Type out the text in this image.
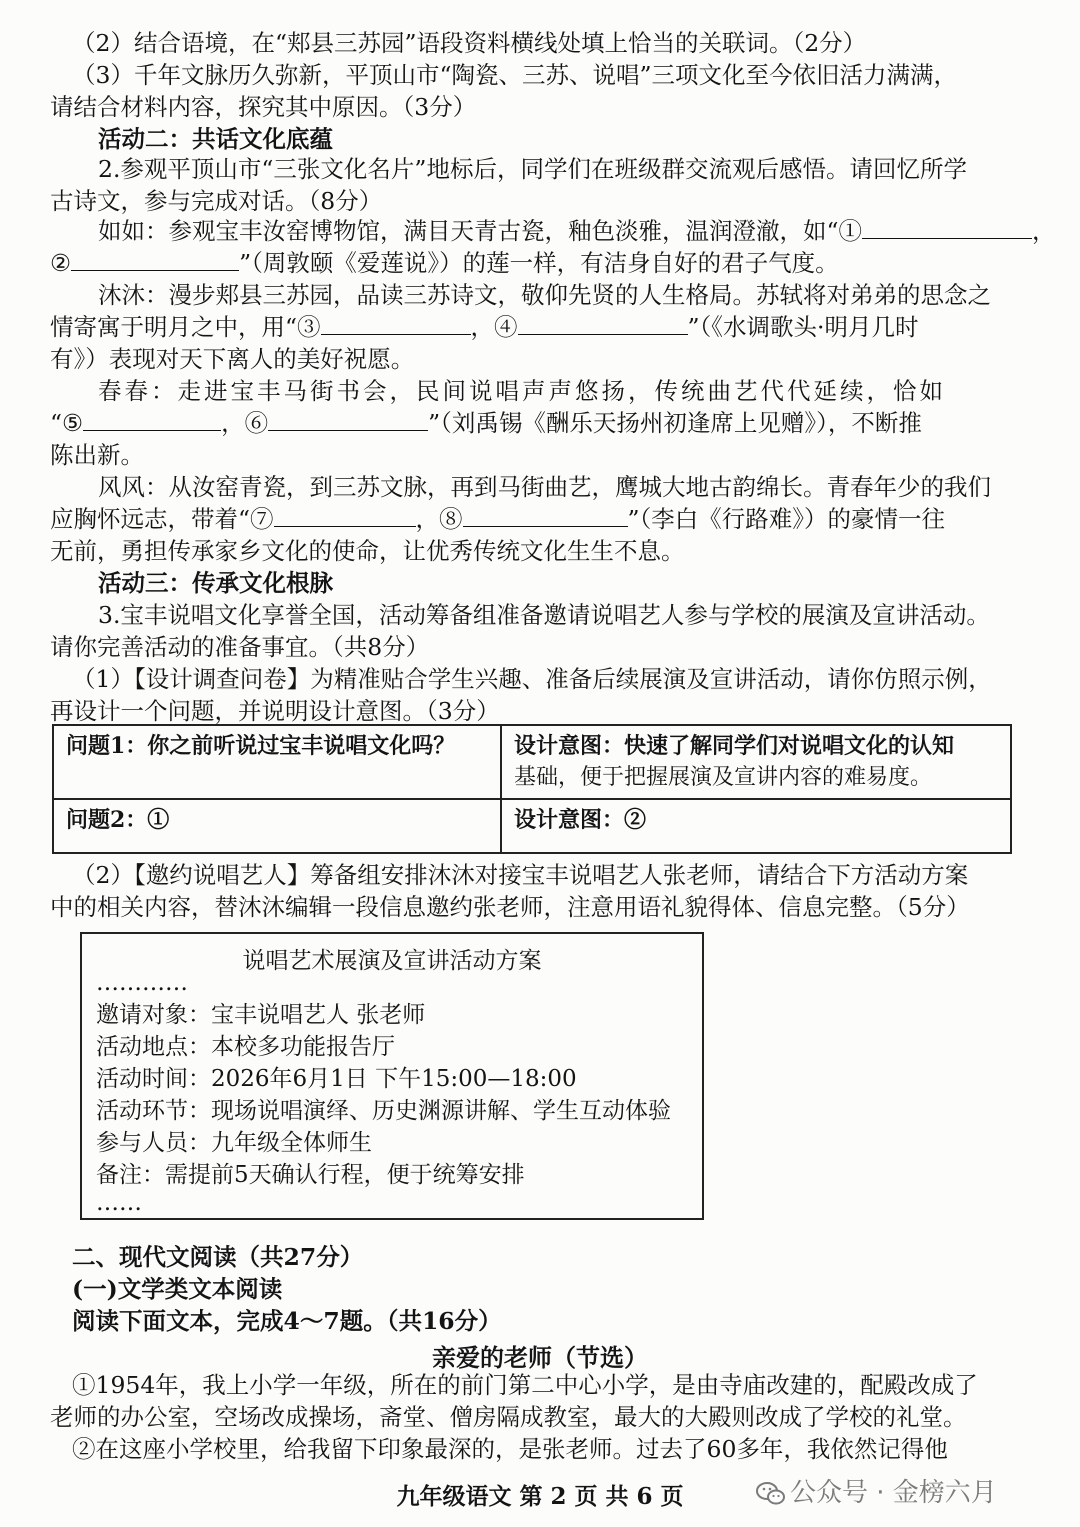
（2）结合语境，在“郏县三苏园”语段资料横线处填上恰当的关联词。（2分）
（3）千年文脉历久弥新，平顶山市“陶瓷、三苏、说唱”三项文化至今依旧活力满满，
请结合材料内容，探究其中原因。（3分）
活动二：共话文化底蕴
2.参观平顶山市“三张文化名片”地标后，同学们在班级群交流观后感悟。请回忆所学
古诗文，参与完成对话。（8分）
如如：参观宝丰汝窑博物馆，满目天青古瓷，釉色淡雅，温润澄澈，如“①	，
②	”（周敦颐《爱莲说》）的莲一样，有洁身自好的君子气度。
沐沐：漫步郏县三苏园，品读三苏诗文，敬仰先贤的人生格局。苏轼将对弟弟的思念之
情寄寓于明月之中，用“③	，④	”（《水调歌头·明月几时
有》）表现对天下离人的美好祝愿。
春春：走进宝丰马街书会，民间说唱声声悠扬，传统曲艺代代延续，恰如
“⑤	，⑥	”（刘禹锡《酬乐天扬州初逢席上见赠》），不断推
陈出新。
风风：从汝窑青瓷，到三苏文脉，再到马街曲艺，鹰城大地古韵绵长。青春年少的我们
应胸怀远志，带着“⑦	，⑧	”（李白《行路难》）的豪情一往
无前，勇担传承家乡文化的使命，让优秀传统文化生生不息。
活动三：传承文化根脉
3.宝丰说唱文化享誉全国，活动筹备组准备邀请说唱艺人参与学校的展演及宣讲活动。
请你完善活动的准备事宜。（共8分）
（1）【设计调查问卷】为精准贴合学生兴趣、准备后续展演及宣讲活动，请你仿照示例，
再设计一个问题，并说明设计意图。（3分）
问题1：你之前听说过宝丰说唱文化吗？	设计意图：快速了解同学们对说唱文化的认知
基础，便于把握展演及宣讲内容的难易度。

问题2：①	设计意图：②
（2）【邀约说唱艺人】筹备组安排沐沐对接宝丰说唱艺人张老师，请结合下方活动方案
中的相关内容，替沐沐编辑一段信息邀约张老师，注意用语礼貌得体、信息完整。（5分）
说唱艺术展演及宣讲活动方案
…………
邀请对象：宝丰说唱艺人 张老师
活动地点：本校多功能报告厅
活动时间：2026年6月1日 下午15:00—18:00
活动环节：现场说唱演绎、历史渊源讲解、学生互动体验
参与人员：九年级全体师生
备注：需提前5天确认行程，便于统筹安排
……
二、现代文阅读（共27分）
(一)文学类文本阅读
阅读下面文本，完成4～7题。（共16分）
亲爱的老师（节选）
①1954年，我上小学一年级，所在的前门第二中心小学，是由寺庙改建的，配殿改成了
老师的办公室，空场改成操场，斋堂、僧房隔成教室，最大的大殿则改成了学校的礼堂。
②在这座小学校里，给我留下印象最深的，是张老师。过去了60多年，我依然记得他
九年级语文 第 2 页 共 6 页	公众号 · 金榜六月
